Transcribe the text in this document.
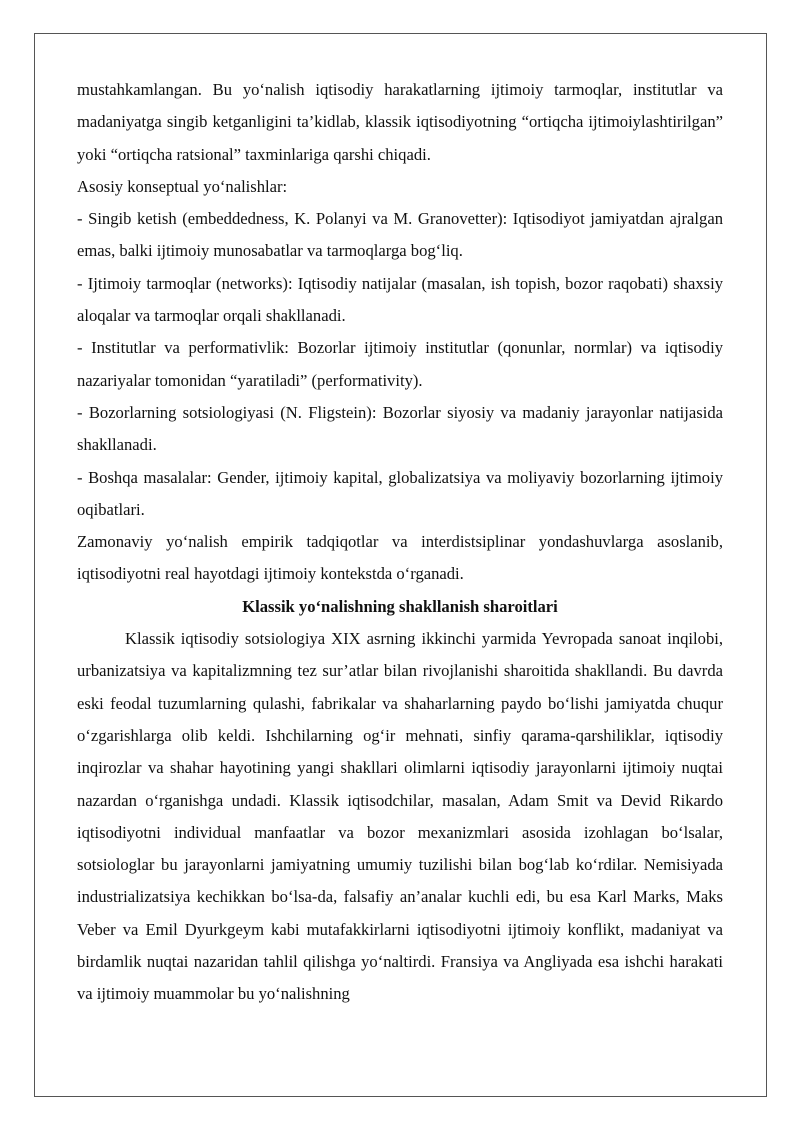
mustahkamlangan. Bu yo‘nalish iqtisodiy harakatlarning ijtimoiy tarmoqlar, institutlar va madaniyatga singib ketganligini ta’kidlab, klassik iqtisodiyotning “ortiqcha ijtimoiylashtirilgan” yoki “ortiqcha ratsional” taxminlariga qarshi chiqadi.

Asosiy konseptual yo‘nalishlar:

- Singib ketish (embeddedness, K. Polanyi va M. Granovetter): Iqtisodiyot jamiyatdan ajralgan emas, balki ijtimoiy munosabatlar va tarmoqlarga bog‘liq.

- Ijtimoiy tarmoqlar (networks): Iqtisodiy natijalar (masalan, ish topish, bozor raqobati) shaxsiy aloqalar va tarmoqlar orqali shakllanadi.

- Institutlar va performativlik: Bozorlar ijtimoiy institutlar (qonunlar, normlar) va iqtisodiy nazariyalar tomonidan “yaratiladi” (performativity).

- Bozorlarning sotsiologiyasi (N. Fligstein): Bozorlar siyosiy va madaniy jarayonlar natijasida shakllanadi.

- Boshqa masalalar: Gender, ijtimoiy kapital, globalizatsiya va moliyaviy bozorlarning ijtimoiy oqibatlari.

Zamonaviy yo‘nalish empirik tadqiqotlar va interdistsiplinar yondashuvlarga asoslanib, iqtisodiyotni real hayotdagi ijtimoiy kontekstda o‘rganadi.

Klassik yo‘nalishning shakllanish sharoitlari

Klassik iqtisodiy sotsiologiya XIX asrning ikkinchi yarmida Yevropada sanoat inqilobi, urbanizatsiya va kapitalizmning tez sur’atlar bilan rivojlanishi sharoitida shakllandi. Bu davrda eski feodal tuzumlarning qulashi, fabrikalar va shaharlarning paydo bo‘lishi jamiyatda chuqur o‘zgarishlarga olib keldi. Ishchilarning og‘ir mehnati, sinfiy qarama-qarshiliklar, iqtisodiy inqirozlar va shahar hayotining yangi shakllari olimlarni iqtisodiy jarayonlarni ijtimoiy nuqtai nazardan o‘rganishga undadi. Klassik iqtisodchilar, masalan, Adam Smit va Devid Rikardo iqtisodiyotni individual manfaatlar va bozor mexanizmlari asosida izohlagan bo‘lsalar, sotsiologlar bu jarayonlarni jamiyatning umumiy tuzilishi bilan bog‘lab ko‘rdilar. Nemisiyada industrializatsiya kechikkan bo‘lsa-da, falsafiy an’analar kuchli edi, bu esa Karl Marks, Maks Veber va Emil Dyurkgeym kabi mutafakkirlarni iqtisodiyotni ijtimoiy konflikt, madaniyat va birdamlik nuqtai nazaridan tahlil qilishga yo‘naltirdi. Fransiya va Angliyada esa ishchi harakati va ijtimoiy muammolar bu yo‘nalishning
